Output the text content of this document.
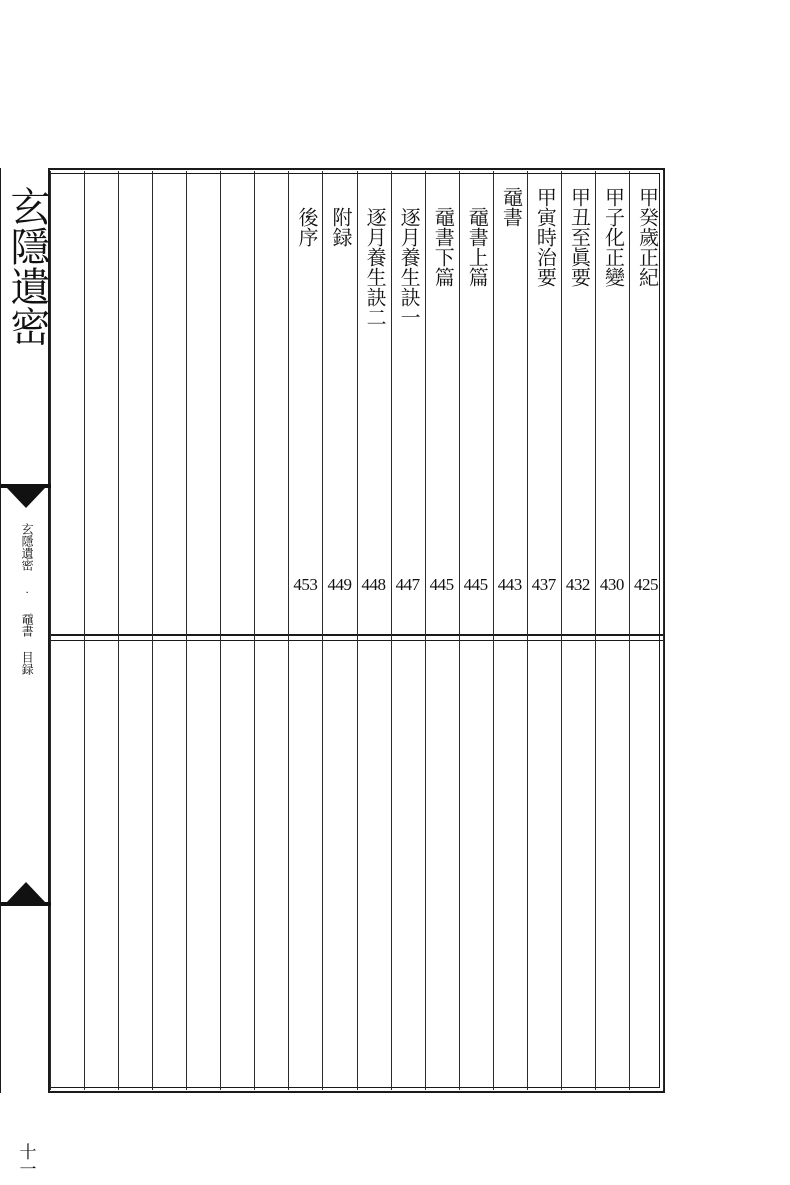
玄隱遺密
玄隱遺密 · 黿書 目録
十一
甲癸歲正紀
425
甲子化正變
430
甲丑至眞要
432
甲寅時治要
437
黿書
443
黿書上篇
445
黿書下篇
445
逐月養生訣一
447
逐月養生訣二
448
附録
449
後序
453
